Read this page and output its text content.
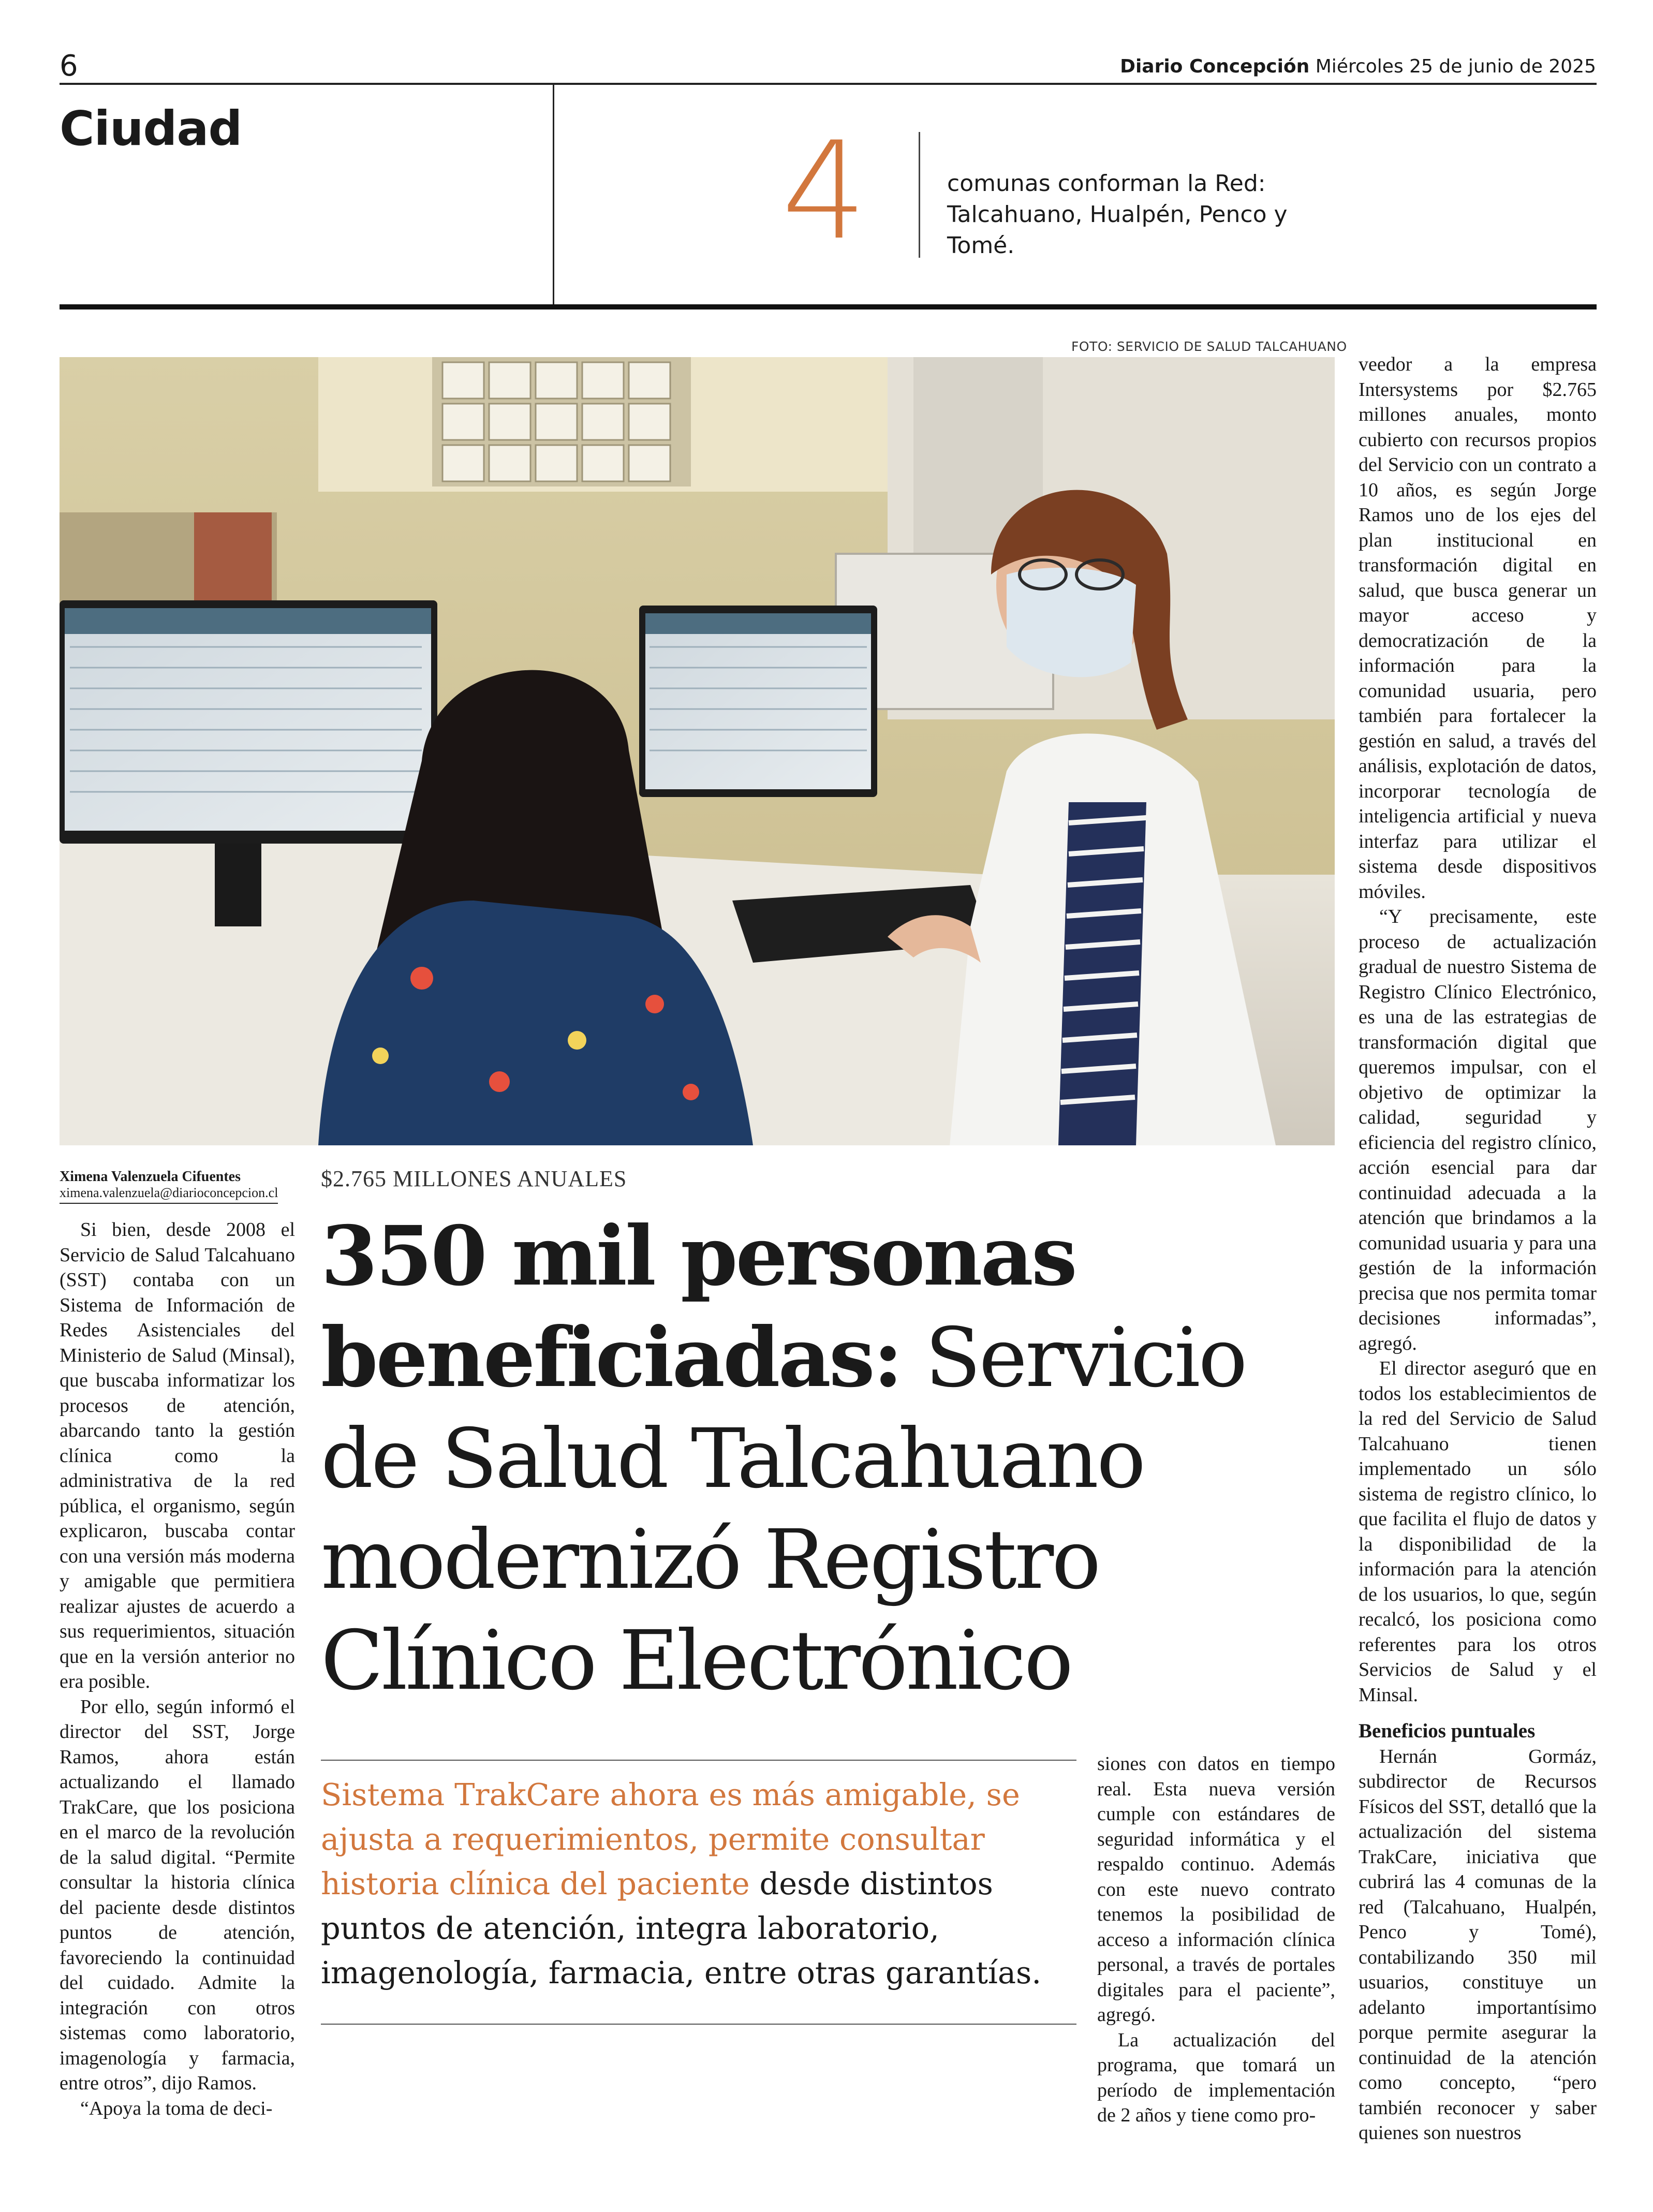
6	Diario Concepción Miércoles 25 de junio de 2025
Ciudad	4	comunas conforman la Red:
Talcahuano, Hualpén, Penco y Tomé.
FOTO: SERVICIO DE SALUD TALCAHUANO
Ximena Valenzuela Cifuentes
ximena.valenzuela@diarioconcepcion.cl

Si bien, desde 2008 el Servicio de Salud Talcahuano (SST) contaba con un Sistema de Información de Redes Asistenciales del Ministerio de Salud (Minsal), que buscaba informatizar los procesos de atención, abarcando tanto la gestión clínica como la administrativa de la red pública, el organismo, según explicaron, buscaba contar con una versión más moderna y amigable que permitiera realizar ajustes de acuerdo a sus requerimientos, situación que en la versión anterior no era posible.

Por ello, según informó el director del SST, Jorge Ramos, ahora están actualizando el llamado TrakCare, que los posiciona en el marco de la revolución de la salud digital. “Permite consultar la historia clínica del paciente desde distintos puntos de atención, favoreciendo la continuidad del cuidado. Admite la integración con otros sistemas como laboratorio, imagenología y farmacia, entre otros”, dijo Ramos.

“Apoya la toma de deci-

$2.765 MILLONES ANUALES
350 mil personas
beneficiadas: Servicio
de Salud Talcahuano
modernizó Registro
Clínico Electrónico
Sistema TrakCare ahora es más amigable, se ajusta a requerimientos, permite consultar historia clínica del paciente desde distintos puntos de atención, integra laboratorio, imagenología, farmacia, entre otras garantías.

siones con datos en tiempo real. Esta nueva versión cumple con estándares de seguridad informática y el respaldo continuo. Además con este nuevo contrato tenemos la posibilidad de acceso a información clínica personal, a través de portales digitales para el paciente”, agregó.

La actualización del programa, que tomará un período de implementación de 2 años y tiene como pro-

veedor a la empresa Intersystems por $2.765 millones anuales, monto cubierto con recursos propios del Servicio con un contrato a 10 años, es según Jorge Ramos uno de los ejes del plan institucional en transformación digital en salud, que busca generar un mayor acceso y democratización de la información para la comunidad usuaria, pero también para fortalecer la gestión en salud, a través del análisis, explotación de datos, incorporar tecnología de inteligencia artificial y nueva interfaz para utilizar el sistema desde dispositivos móviles.

“Y precisamente, este proceso de actualización gradual de nuestro Sistema de Registro Clínico Electrónico, es una de las estrategias de transformación digital que queremos impulsar, con el objetivo de optimizar la calidad, seguridad y eficiencia del registro clínico, acción esencial para dar continuidad adecuada a la atención que brindamos a la comunidad usuaria y para una gestión de la información precisa que nos permita tomar decisiones informadas”, agregó.

El director aseguró que en todos los establecimientos de la red del Servicio de Salud Talcahuano tienen implementado un sólo sistema de registro clínico, lo que facilita el flujo de datos y la disponibilidad de la información para la atención de los usuarios, lo que, según recalcó, los posiciona como referentes para los otros Servicios de Salud y el Minsal.

Beneficios puntuales

Hernán Gormáz, subdirector de Recursos Físicos del SST, detalló que la actualización del sistema TrakCare, iniciativa que cubrirá las 4 comunas de la red (Talcahuano, Hualpén, Penco y Tomé), contabilizando 350 mil usuarios, constituye un adelanto importantísimo porque permite asegurar la continuidad de la atención como concepto, “pero también reconocer y saber quienes son nuestros
